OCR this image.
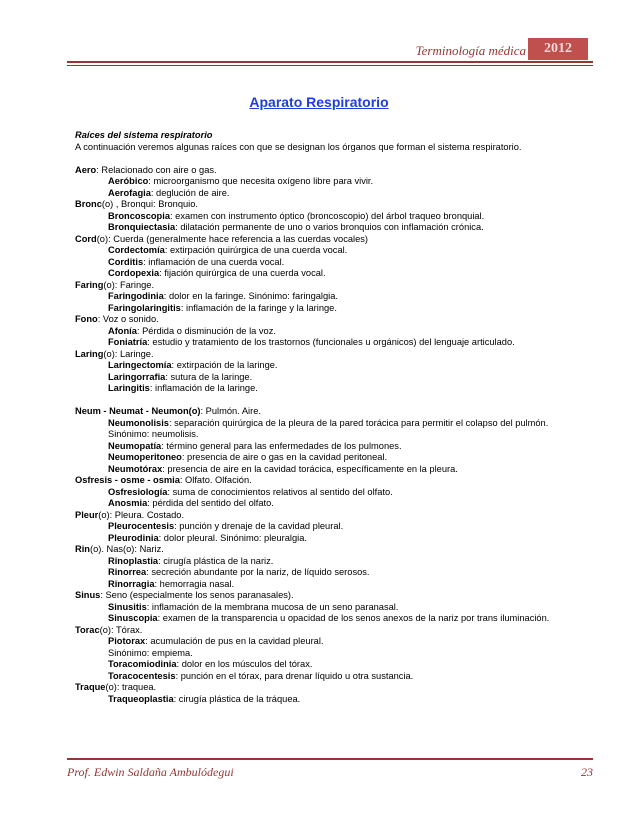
Terminología médica	2012
Aparato Respiratorio
Raíces del sistema respiratorio
A continuación veremos algunas raíces con que se designan los órganos que forman el sistema respiratorio.
Aero: Relacionado con aire o gas.
Aeróbico: microorganismo que necesita oxígeno libre para vivir.
Aerofagia: deglución de aire.
Bronc(o) , Bronqui: Bronquio.
Broncoscopia: examen con instrumento óptico (broncoscopio) del árbol traqueo bronquial.
Bronquiectasia: dilatación permanente de uno o varios bronquios con inflamación crónica.
Cord(o): Cuerda (generalmente hace referencia a las cuerdas vocales)
Cordectomía: extirpación quirúrgica de una cuerda vocal.
Corditis: inflamación de una cuerda vocal.
Cordopexia: fijación quirúrgica de una cuerda vocal.
Faring(o): Faringe.
Faringodinia: dolor en la faringe. Sinónimo: faringalgia.
Faringolaringitis: inflamación de la faringe y la laringe.
Fono: Voz o sonido.
Afonía: Pérdida o disminución de la voz.
Foniatría: estudio y tratamiento de los trastornos (funcionales u orgánicos) del lenguaje articulado.
Laring(o): Laringe.
Laringectomía: extirpación de la laringe.
Laringorrafia: sutura de la laringe.
Laringitis: inflamación de la laringe.
Neum - Neumat - Neumon(o): Pulmón. Aire.
Neumonolisis: separación quirúrgica de la pleura de la pared torácica para permitir el colapso del pulmón.
Sinónimo: neumolisis.
Neumopatía: término general para las enfermedades de los pulmones.
Neumoperitoneo: presencia de aire o gas en la cavidad peritoneal.
Neumotórax: presencia de aire en la cavidad torácica, específicamente en la pleura.
Osfresis - osme - osmia: Olfato. Olfación.
Osfresiología: suma de conocimientos relativos al sentido del olfato.
Anosmia: pérdida del sentido del olfato.
Pleur(o): Pleura. Costado.
Pleurocentesis: punción y drenaje de la cavidad pleural.
Pleurodinia: dolor pleural. Sinónimo: pleuralgia.
Rin(o). Nas(o): Nariz.
Rinoplastia: cirugía plástica de la nariz.
Rinorrea: secreción abundante por la nariz, de líquido serosos.
Rinorragia: hemorragia nasal.
Sinus: Seno (especialmente los senos paranasales).
Sinusitis: inflamación de la membrana mucosa de un seno paranasal.
Sinuscopia: examen de la transparencia u opacidad de los senos anexos de la nariz por trans iluminación.
Torac(o): Tórax.
Piotorax: acumulación de pus en la cavidad pleural.
Sinónimo: empiema.
Toracomiodinia: dolor en los músculos del tórax.
Toracocentesis: punción en el tórax, para drenar líquido u otra sustancia.
Traque(o): traquea.
Traqueoplastia: cirugía plástica de la tráquea.
Prof. Edwin Saldaña Ambulódegui	23
